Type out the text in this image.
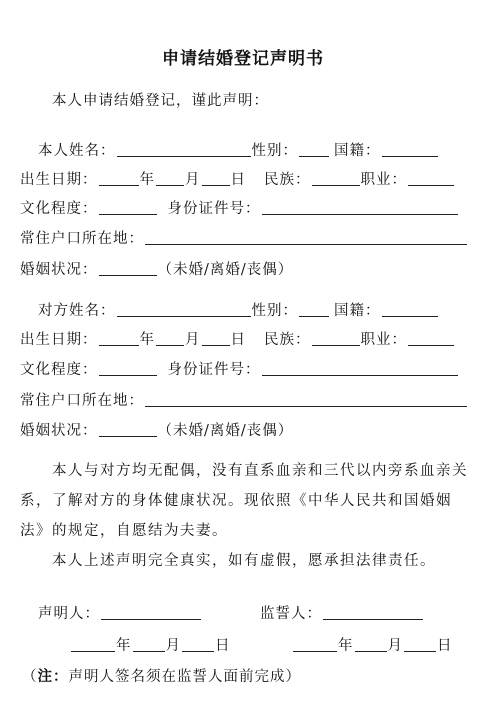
申请结婚登记声明书
本人申请结婚登记，谨此声明：
本人姓名：	性别： 国籍：
出生日期：	年 月 日 民族：	职业：
文化程度：	身份证件号：
常住户口所在地：
婚姻状况：	（未婚/离婚/丧偶）
对方姓名：	性别： 国籍：
出生日期：	年 月 日 民族：	职业：
文化程度：	身份证件号：
常住户口所在地：
婚姻状况：	（未婚/离婚/丧偶）
本人与对方均无配偶，没有直系血亲和三代以内旁系血亲关系，了解对方的身体健康状况。现依照《中华人民共和国婚姻法》的规定，自愿结为夫妻。
本人上述声明完全真实，如有虚假，愿承担法律责任。
声明人：	监誓人：
年 月 日	年 月 日
（注：声明人签名须在监誓人面前完成）
